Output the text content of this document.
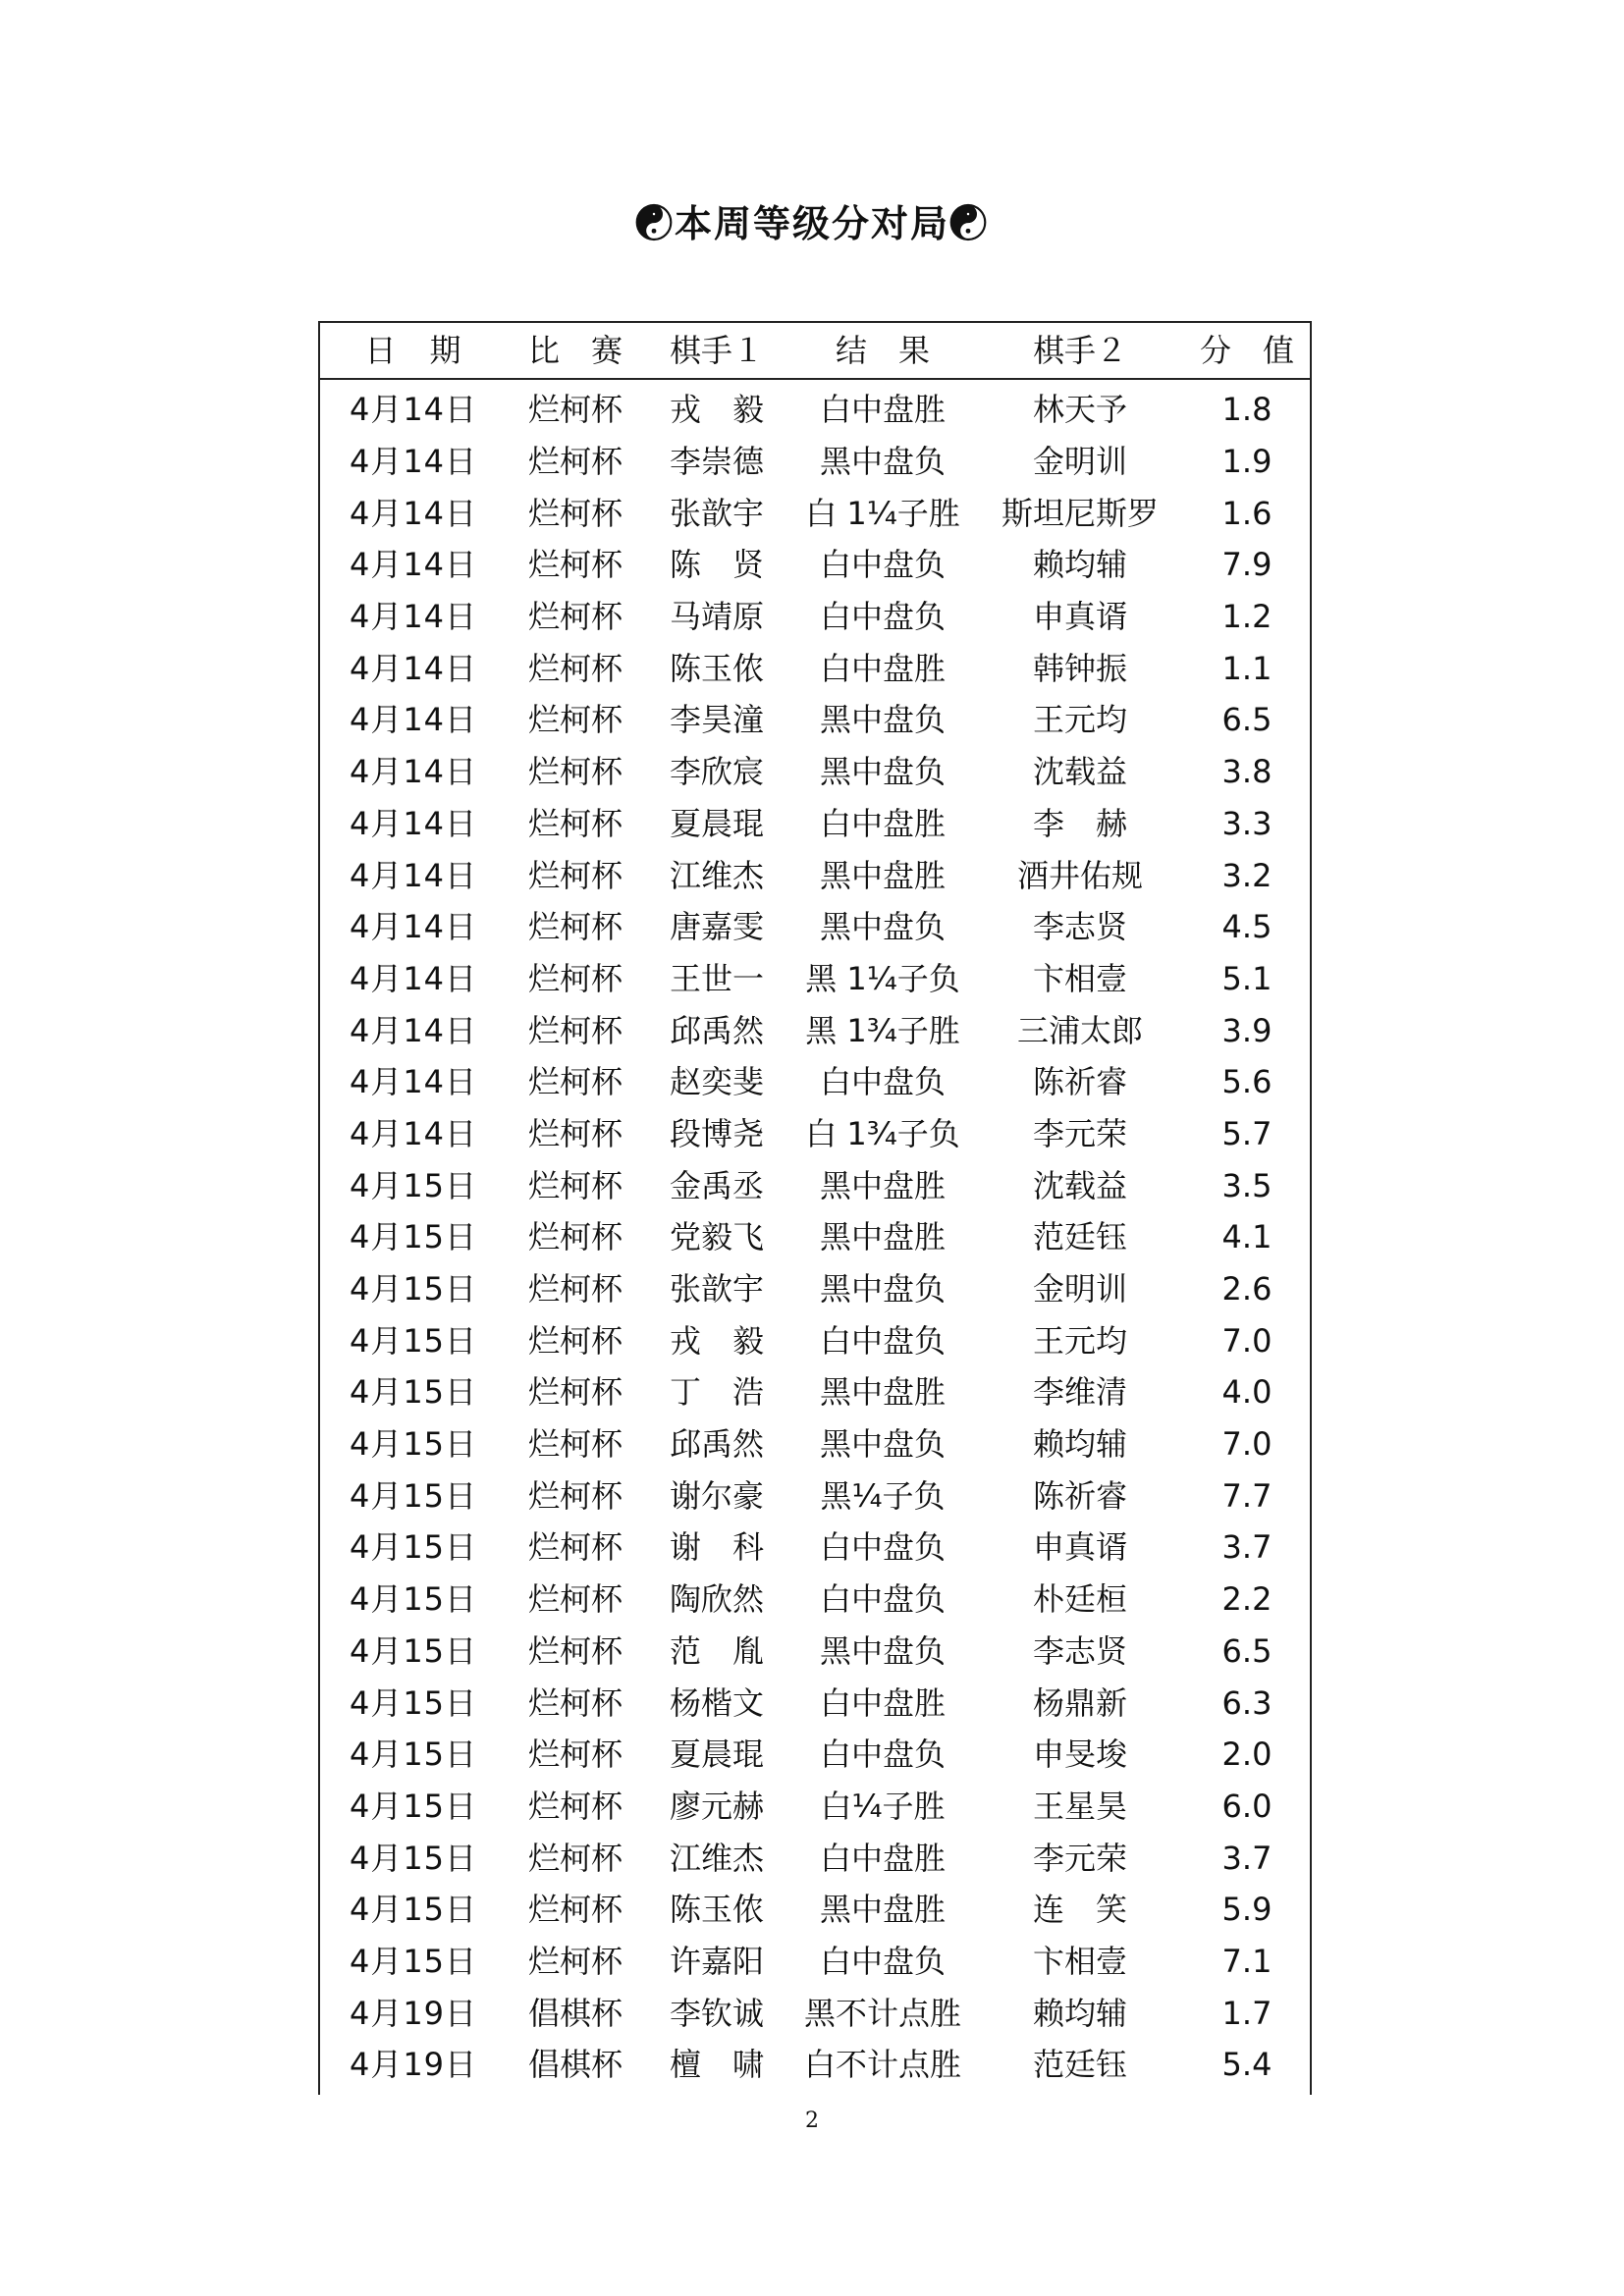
☯本周等级分对局☯
日　期	比　赛	棋手１	结　果	棋手２	分　值
4月14日	烂柯杯	戎　毅	白中盘胜	林天予	1.8
4月14日	烂柯杯	李崇德	黑中盘负	金明训	1.9
4月14日	烂柯杯	张歆宇	白 1¼子胜	斯坦尼斯罗	1.6
4月14日	烂柯杯	陈　贤	白中盘负	赖均辅	7.9
4月14日	烂柯杯	马靖原	白中盘负	申真谞	1.2
4月14日	烂柯杯	陈玉侬	白中盘胜	韩钟振	1.1
4月14日	烂柯杯	李昊潼	黑中盘负	王元均	6.5
4月14日	烂柯杯	李欣宸	黑中盘负	沈载益	3.8
4月14日	烂柯杯	夏晨琨	白中盘胜	李　赫	3.3
4月14日	烂柯杯	江维杰	黑中盘胜	酒井佑规	3.2
4月14日	烂柯杯	唐嘉雯	黑中盘负	李志贤	4.5
4月14日	烂柯杯	王世一	黑 1¼子负	卞相壹	5.1
4月14日	烂柯杯	邱禹然	黑 1¾子胜	三浦太郎	3.9
4月14日	烂柯杯	赵奕斐	白中盘负	陈祈睿	5.6
4月14日	烂柯杯	段博尧	白 1¾子负	李元荣	5.7
4月15日	烂柯杯	金禹丞	黑中盘胜	沈载益	3.5
4月15日	烂柯杯	党毅飞	黑中盘胜	范廷钰	4.1
4月15日	烂柯杯	张歆宇	黑中盘负	金明训	2.6
4月15日	烂柯杯	戎　毅	白中盘负	王元均	7.0
4月15日	烂柯杯	丁　浩	黑中盘胜	李维清	4.0
4月15日	烂柯杯	邱禹然	黑中盘负	赖均辅	7.0
4月15日	烂柯杯	谢尔豪	黑¼子负	陈祈睿	7.7
4月15日	烂柯杯	谢　科	白中盘负	申真谞	3.7
4月15日	烂柯杯	陶欣然	白中盘负	朴廷桓	2.2
4月15日	烂柯杯	范　胤	黑中盘负	李志贤	6.5
4月15日	烂柯杯	杨楷文	白中盘胜	杨鼎新	6.3
4月15日	烂柯杯	夏晨琨	白中盘负	申旻埈	2.0
4月15日	烂柯杯	廖元赫	白¼子胜	王星昊	6.0
4月15日	烂柯杯	江维杰	白中盘胜	李元荣	3.7
4月15日	烂柯杯	陈玉侬	黑中盘胜	连　笑	5.9
4月15日	烂柯杯	许嘉阳	白中盘负	卞相壹	7.1
4月19日	倡棋杯	李钦诚	黑不计点胜	赖均辅	1.7
4月19日	倡棋杯	檀　啸	白不计点胜	范廷钰	5.4
2
